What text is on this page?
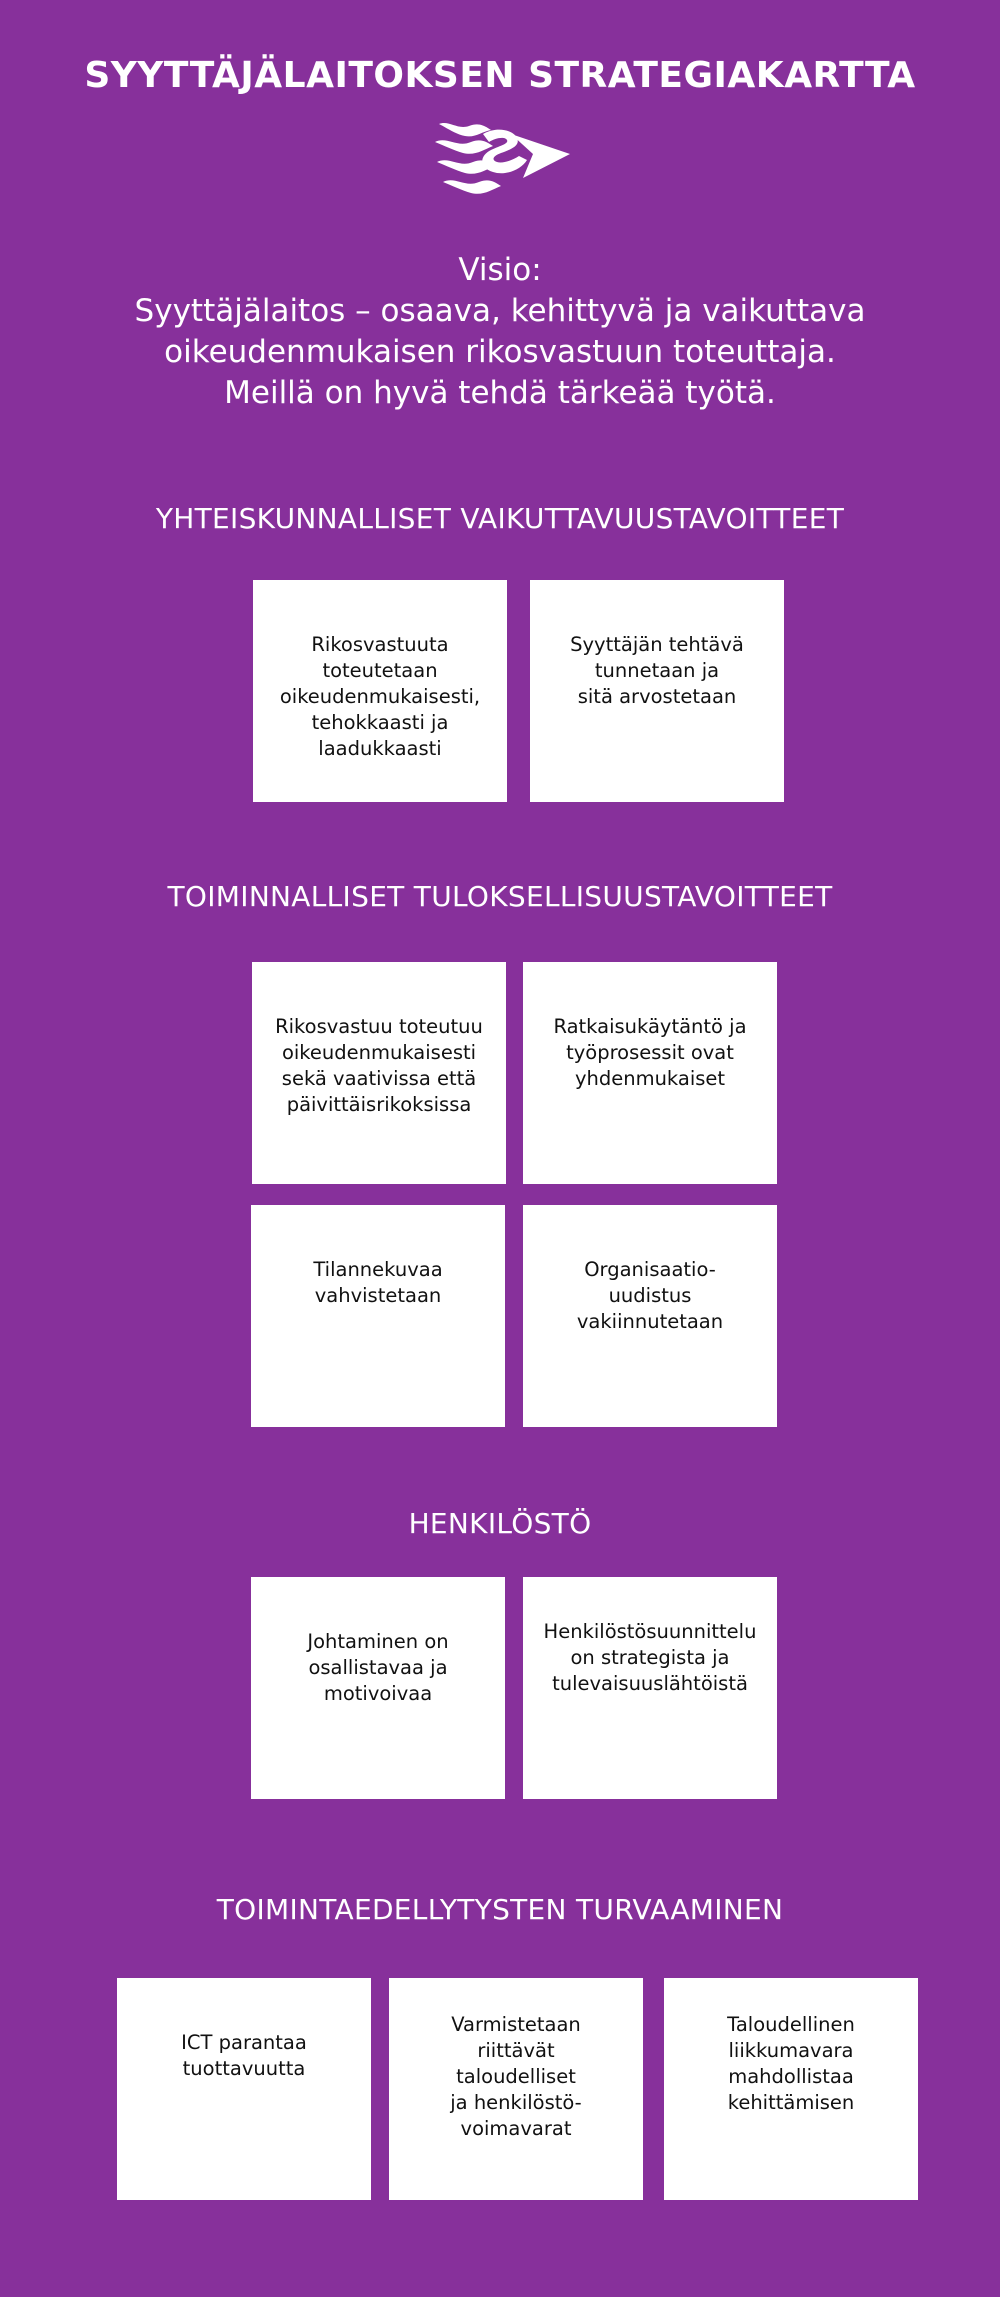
SYYTTÄJÄLAITOKSEN STRATEGIAKARTTA
Visio:
Syyttäjälaitos – osaava, kehittyvä ja vaikuttava
oikeudenmukaisen rikosvastuun toteuttaja.
Meillä on hyvä tehdä tärkeää työtä.
YHTEISKUNNALLISET VAIKUTTAVUUSTAVOITTEET
Rikosvastuuta
toteutetaan
oikeudenmukaisesti,
tehokkaasti ja
laadukkaasti
Syyttäjän tehtävä
tunnetaan ja
sitä arvostetaan
TOIMINNALLISET TULOKSELLISUUSTAVOITTEET
Rikosvastuu toteutuu
oikeudenmukaisesti
sekä vaativissa että
päivittäisrikoksissa
Ratkaisukäytäntö ja
työprosessit ovat
yhdenmukaiset
Tilannekuvaa
vahvistetaan
Organisaatio-
uudistus
vakiinnutetaan
HENKILÖSTÖ
Johtaminen on
osallistavaa ja
motivoivaa
Henkilöstösuunnittelu
on strategista ja
tulevaisuuslähtöistä
TOIMINTAEDELLYTYSTEN TURVAAMINEN
ICT parantaa
tuottavuutta
Varmistetaan
riittävät
taloudelliset
ja henkilöstö-
voimavarat
Taloudellinen
liikkumavara
mahdollistaa
kehittämisen
